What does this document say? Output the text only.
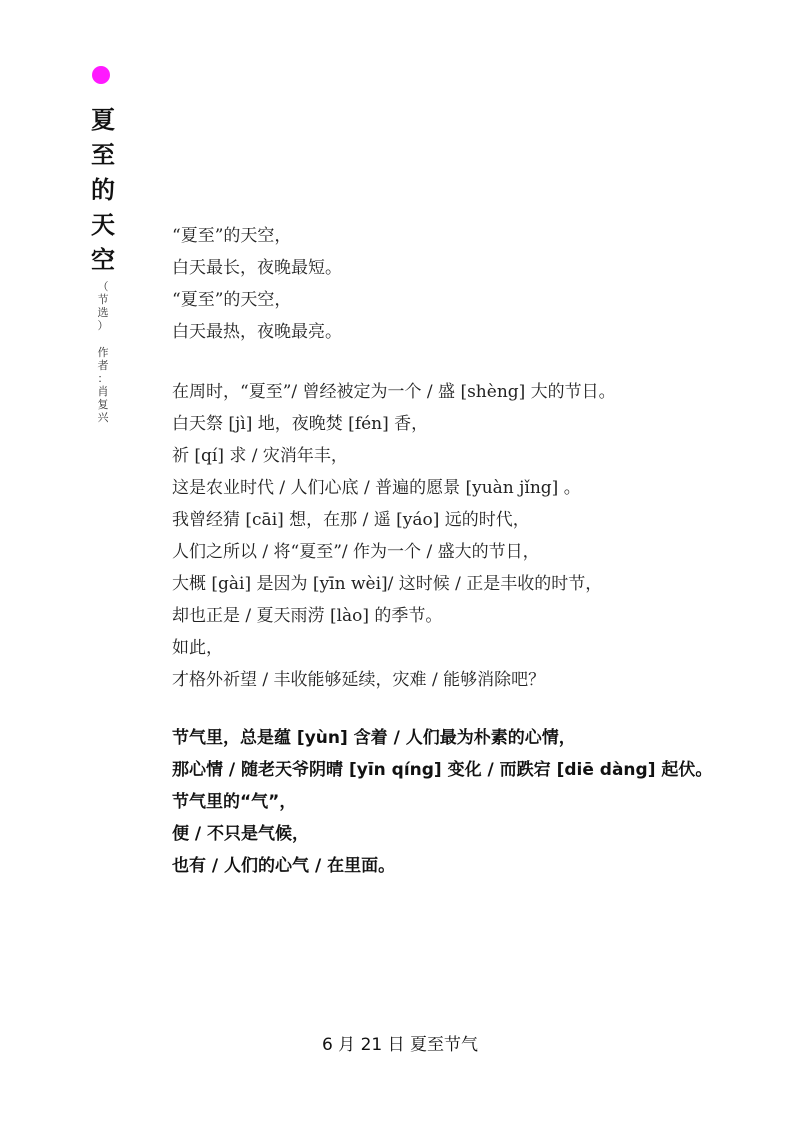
夏
至
的
天
空
（
节
选
）
作
者
：
肖
复
兴
“夏至”的天空，
白天最长，夜晚最短。
“夏至”的天空，
白天最热，夜晚最亮。
在周时，“夏至”/ 曾经被定为一个 / 盛 [shèng] 大的节日。
白天祭 [jì] 地，夜晚焚 [fén] 香，
祈 [qí] 求 / 灾消年丰，
这是农业时代 / 人们心底 / 普遍的愿景 [yuàn jǐng] 。
我曾经猜 [cāi] 想，在那 / 遥 [yáo] 远的时代，
人们之所以 / 将“夏至”/ 作为一个 / 盛大的节日，
大概 [gài] 是因为 [yīn wèi]/ 这时候 / 正是丰收的时节，
却也正是 / 夏天雨涝 [lào] 的季节。
如此，
才格外祈望 / 丰收能够延续，灾难 / 能够消除吧？
节气里，总是蕴 [yùn] 含着 / 人们最为朴素的心情，
那心情 / 随老天爷阴晴 [yīn qíng] 变化 / 而跌宕 [diē dàng] 起伏。
节气里的“气”，
便 / 不只是气候，
也有 / 人们的心气 / 在里面。
6 月 21 日 夏至节气
